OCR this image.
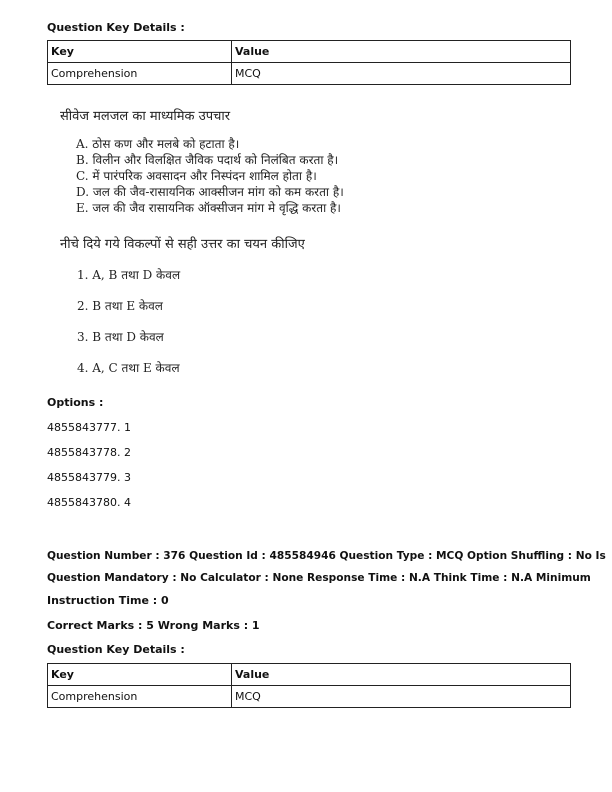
Question Key Details :
Key	Value
Comprehension	MCQ
सीवेज मलजल का माध्यमिक उपचार
A. ठोस कण और मलबे को हटाता है।
B. विलीन और विलक्षित जैविक पदार्थ को निलंबित करता है।
C. में पारंपरिक अवसादन और निस्पंदन शामिल होता है।
D. जल की जैव-रासायनिक आक्सीजन मांग को कम करता है।
E. जल की जैव रासायनिक ऑक्सीजन मांग मे वृद्धि करता है।
नीचे दिये गये विकल्पों से सही उत्तर का चयन कीजिए
1. A, B तथा D केवल
2. B तथा E केवल
3. B तथा D केवल
4. A, C तथा E केवल
Options :
4855843777. 1
4855843778. 2
4855843779. 3
4855843780. 4
Question Number : 376 Question Id : 485584946 Question Type : MCQ Option Shuffling : No Is
Question Mandatory : No Calculator : None Response Time : N.A Think Time : N.A Minimum
Instruction Time : 0
Correct Marks : 5 Wrong Marks : 1
Question Key Details :
Key	Value
Comprehension	MCQ
